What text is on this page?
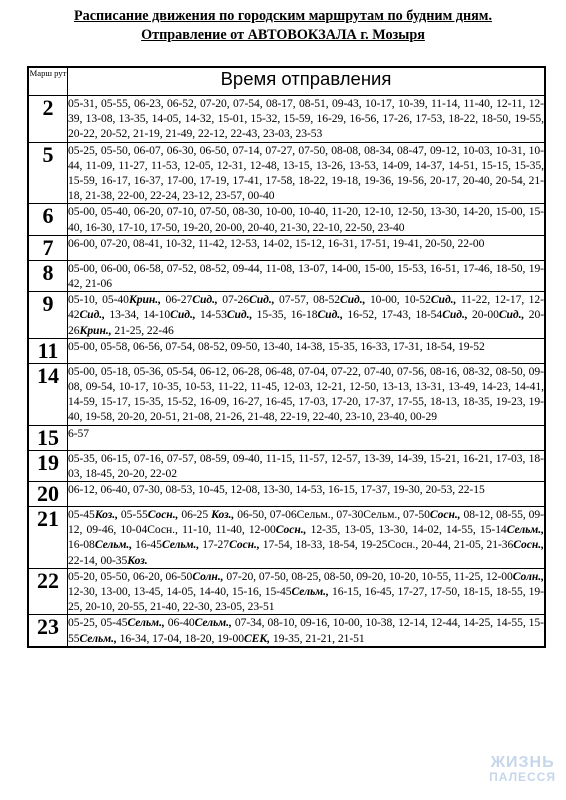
Расписание движения по городским маршрутам по будним дням.
Отправление от АВТОВОКЗАЛА г. Мозыря
Марш рут	Время отправления
2	05-31, 05-55, 06-23, 06-52, 07-20, 07-54, 08-17, 08-51, 09-43, 10-17, 10-39, 11-14, 11-40, 12-11, 12-39, 13-08, 13-35, 14-05, 14-32, 15-01, 15-32, 15-59, 16-29, 16-56, 17-26, 17-53, 18-22, 18-50, 19-55, 20-22, 20-52, 21-19, 21-49, 22-12, 22-43, 23-03, 23-53
5	05-25, 05-50, 06-07, 06-30, 06-50, 07-14, 07-27, 07-50, 08-08, 08-34, 08-47, 09-12, 10-03, 10-31, 10-44, 11-09, 11-27, 11-53, 12-05, 12-31, 12-48, 13-15, 13-26, 13-53, 14-09, 14-37, 14-51, 15-15, 15-35, 15-59, 16-17, 16-37, 17-00, 17-19, 17-41, 17-58, 18-22, 19-18, 19-36, 19-56, 20-17, 20-40, 20-54, 21-18, 21-38, 22-00, 22-24, 23-12, 23-57, 00-40
6	05-00, 05-40, 06-20, 07-10, 07-50, 08-30, 10-00, 10-40, 11-20, 12-10, 12-50, 13-30, 14-20, 15-00, 15-40, 16-30, 17-10, 17-50, 19-20, 20-00, 20-40, 21-30, 22-10, 22-50, 23-40
7	06-00, 07-20, 08-41, 10-32, 11-42, 12-53, 14-02, 15-12, 16-31, 17-51, 19-41, 20-50, 22-00
8	05-00, 06-00, 06-58, 07-52, 08-52, 09-44, 11-08, 13-07, 14-00, 15-00, 15-53, 16-51, 17-46, 18-50, 19-42, 21-06
9	05-10, 05-40Крин., 06-27Сид., 07-26Сид., 07-57, 08-52Сид., 10-00, 10-52Сид., 11-22, 12-17, 12-42Сид., 13-34, 14-10Сид., 14-53Сид., 15-35, 16-18Сид., 16-52, 17-43, 18-54Сид., 20-00Сид., 20-26Крин., 21-25, 22-46
11	05-00, 05-58, 06-56, 07-54, 08-52, 09-50, 13-40, 14-38, 15-35, 16-33, 17-31, 18-54, 19-52
14	05-00, 05-18, 05-36, 05-54, 06-12, 06-28, 06-48, 07-04, 07-22, 07-40, 07-56, 08-16, 08-32, 08-50, 09-08, 09-54, 10-17, 10-35, 10-53, 11-22, 11-45, 12-03, 12-21, 12-50, 13-13, 13-31, 13-49, 14-23, 14-41, 14-59, 15-17, 15-35, 15-52, 16-09, 16-27, 16-45, 17-03, 17-20, 17-37, 17-55, 18-13, 18-35, 19-23, 19-40, 19-58, 20-20, 20-51, 21-08, 21-26, 21-48, 22-19, 22-40, 23-10, 23-40, 00-29
15	6-57
19	05-35, 06-15, 07-16, 07-57, 08-59, 09-40, 11-15, 11-57, 12-57, 13-39, 14-39, 15-21, 16-21, 17-03, 18-03, 18-45, 20-20, 22-02
20	06-12, 06-40, 07-30, 08-53, 10-45, 12-08, 13-30, 14-53, 16-15, 17-37, 19-30, 20-53, 22-15
21	05-45Коз., 05-55Сосн., 06-25 Коз., 06-50, 07-06Сельм., 07-30Сельм., 07-50Сосн., 08-12, 08-55, 09-12, 09-46, 10-04Сосн., 11-10, 11-40, 12-00Сосн., 12-35, 13-05, 13-30, 14-02, 14-55, 15-14Сельм., 16-08Сельм., 16-45Сельм., 17-27Сосн., 17-54, 18-33, 18-54, 19-25Сосн., 20-44, 21-05, 21-36Сосн., 22-14, 00-35Коз.
22	05-20, 05-50, 06-20, 06-50Солн., 07-20, 07-50, 08-25, 08-50, 09-20, 10-20, 10-55, 11-25, 12-00Солн., 12-30, 13-00, 13-45, 14-05, 14-40, 15-16, 15-45Сельм., 16-15, 16-45, 17-27, 17-50, 18-15, 18-55, 19-25, 20-10, 20-55, 21-40, 22-30, 23-05, 23-51
23	05-25, 05-45Сельм., 06-40Сельм., 07-34, 08-10, 09-16, 10-00, 10-38, 12-14, 12-44, 14-25, 14-55, 15-55Сельм., 16-34, 17-04, 18-20, 19-00СЕК, 19-35, 21-21, 21-51
ЖИЗНЬ
ПАЛЕССЯ
